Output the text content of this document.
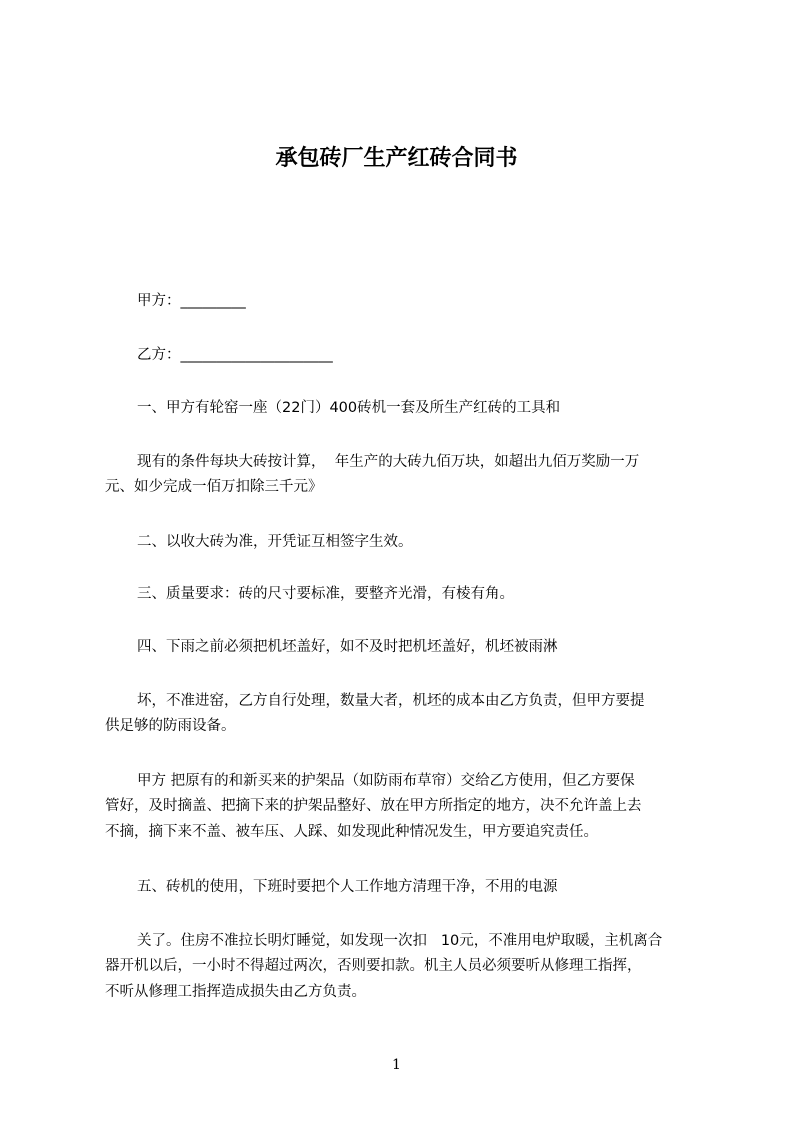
承包砖厂生产红砖合同书

甲方：_________

乙方：_____________________

一、甲方有轮窑一座（22门）400砖机一套及所生产红砖的工具和

现有的条件每块大砖按计算，  年生产的大砖九佰万块，如超出九佰万奖励一万

元、如少完成一佰万扣除三千元》

二、以收大砖为准，开凭证互相签字生效。

三、质量要求：砖的尺寸要标准，要整齐光滑，有棱有角。

四、下雨之前必须把机坯盖好，如不及时把机坯盖好，机坯被雨淋

坏，不准进窑，乙方自行处理，数量大者，机坯的成本由乙方负责，但甲方要提

供足够的防雨设备。

甲方 把原有的和新买来的护架品（如防雨布草帘）交给乙方使用，但乙方要保

管好，及时摘盖、把摘下来的护架品整好、放在甲方所指定的地方，决不允许盖上去

不摘，摘下来不盖、被车压、人踩、如发现此种情况发生，甲方要追究责任。

五、砖机的使用，下班时要把个人工作地方清理干净，不用的电源

关了。住房不准拉长明灯睡觉，如发现一次扣   10元，不准用电炉取暖，主机离合

器开机以后，一小时不得超过两次，否则要扣款。机主人员必须要听从修理工指挥，

不听从修理工指挥造成损失由乙方负责。

1
